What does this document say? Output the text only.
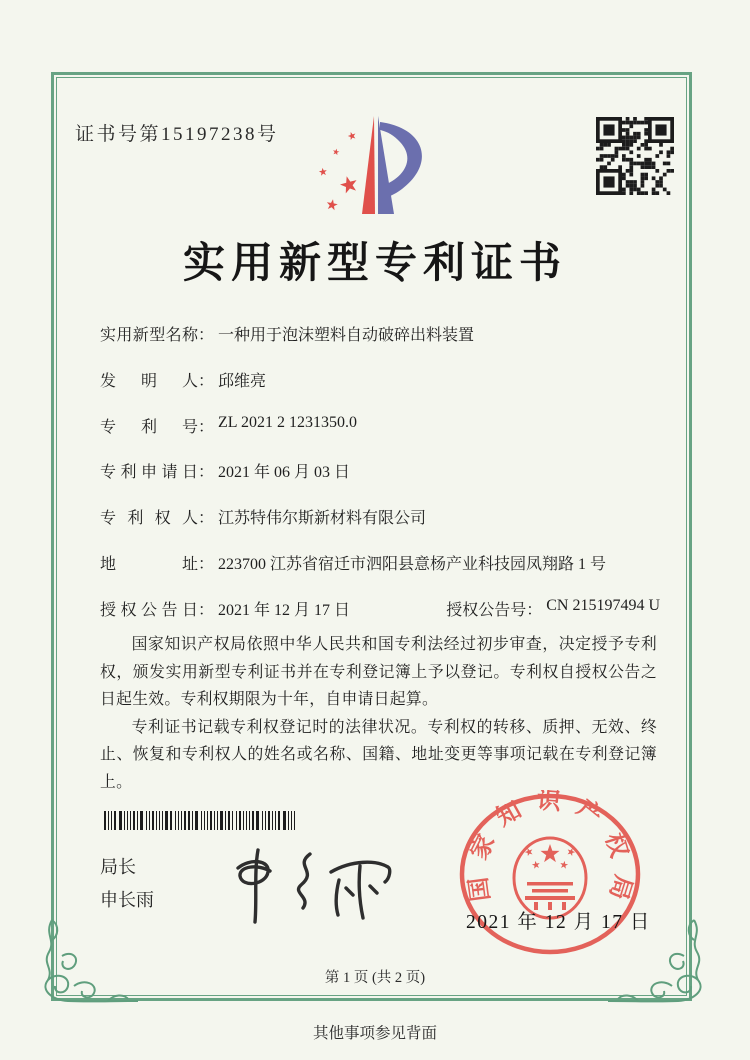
证书号第15197238号
实用新型专利证书
实用新型名称 ： 一种用于泡沫塑料自动破碎出料装置
发明人 ： 邱维亮
专利号 ： ZL 2021 2 1231350.0
专利申请日 ： 2021 年 06 月 03 日
专利权人 ： 江苏特伟尔斯新材料有限公司
地址 ： 223700 江苏省宿迁市泗阳县意杨产业科技园凤翔路 1 号
授权公告日 ： 2021 年 12 月 17 日	授权公告号 ： CN 215197494 U

国家知识产权局依照中华人民共和国专利法经过初步审查，决定授予专利权，颁发实用新型专利证书并在专利登记簿上予以登记。专利权自授权公告之日起生效。专利权期限为十年，自申请日起算。

专利证书记载专利权登记时的法律状况。专利权的转移、质押、无效、终止、恢复和专利权人的姓名或名称、国籍、地址变更等事项记载在专利登记簿上。

局长
申长雨	国家知识产权局
2021 年 12 月 17 日
第 1 页 (共 2 页)
其他事项参见背面
